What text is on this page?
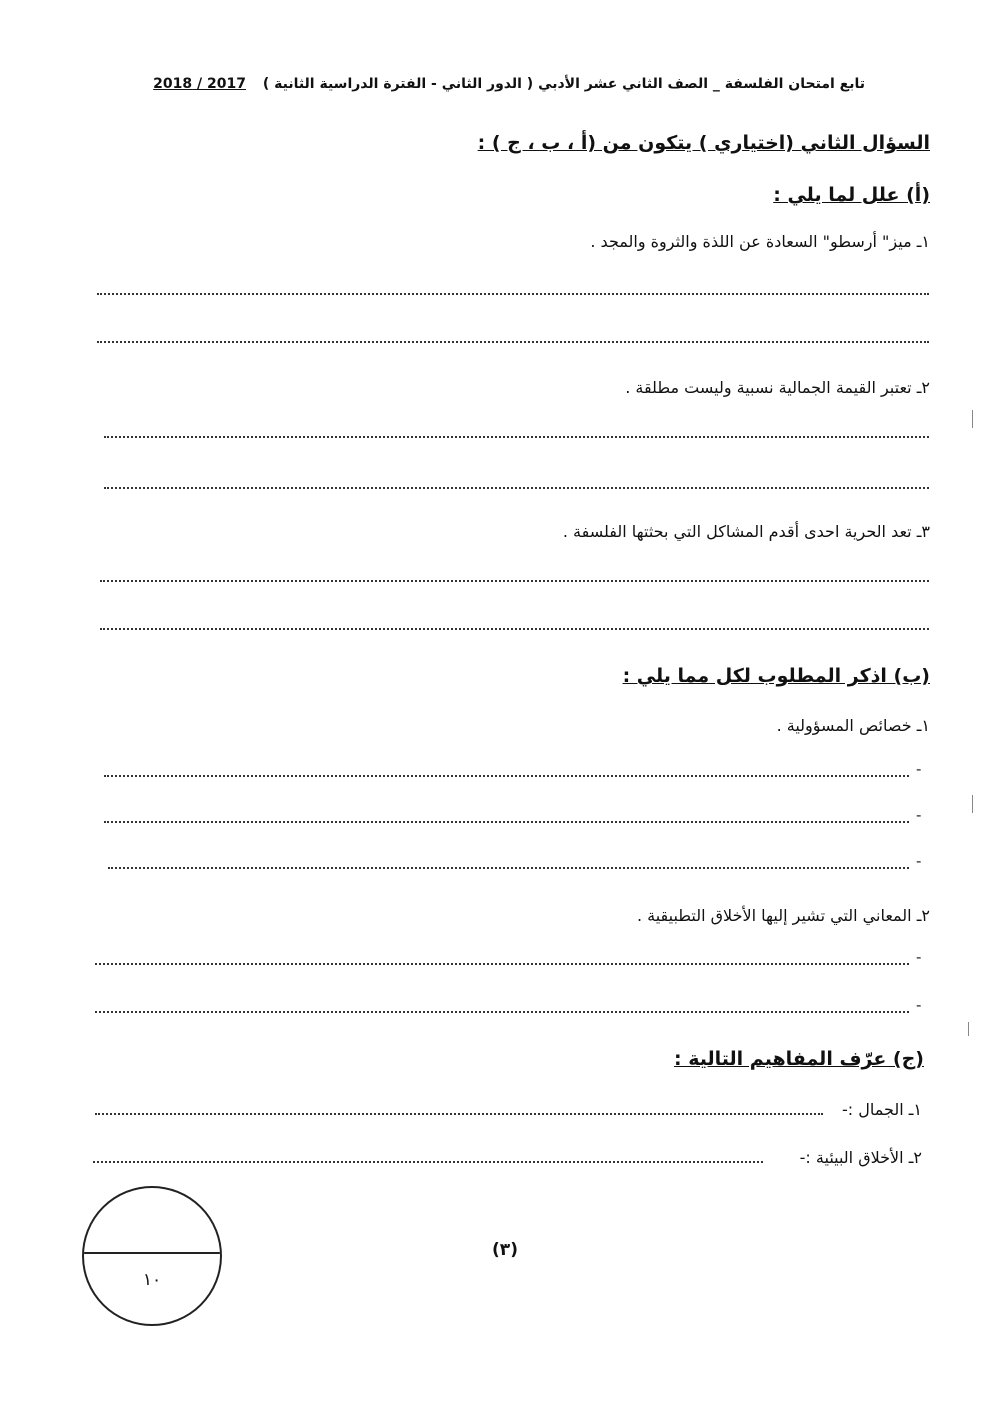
تابع امتحان الفلسفة _ الصف الثاني عشر الأدبي ( الدور الثاني - الفترة الدراسية الثانية ) 2017 / 2018
السؤال الثاني (اختياري ) يتكون من (أ ، ب ، ج ) :
(أ) علل لما يلي :
١ـ ميز" أرسطو" السعادة عن اللذة والثروة والمجد .
٢ـ تعتبر القيمة الجمالية نسبية وليست مطلقة .
٣ـ تعد الحرية احدى أقدم المشاكل التي بحثتها الفلسفة .
(ب) اذكر المطلوب لكل مما يلي :
١ـ خصائص المسؤولية .
-
-
-
٢ـ المعاني التي تشير إليها الأخلاق التطبيقية .
-
-
(ج) عرّف المفاهيم التالية :
١ـ الجمال :-
٢ـ الأخلاق البيئية :-
(٣)
١٠
